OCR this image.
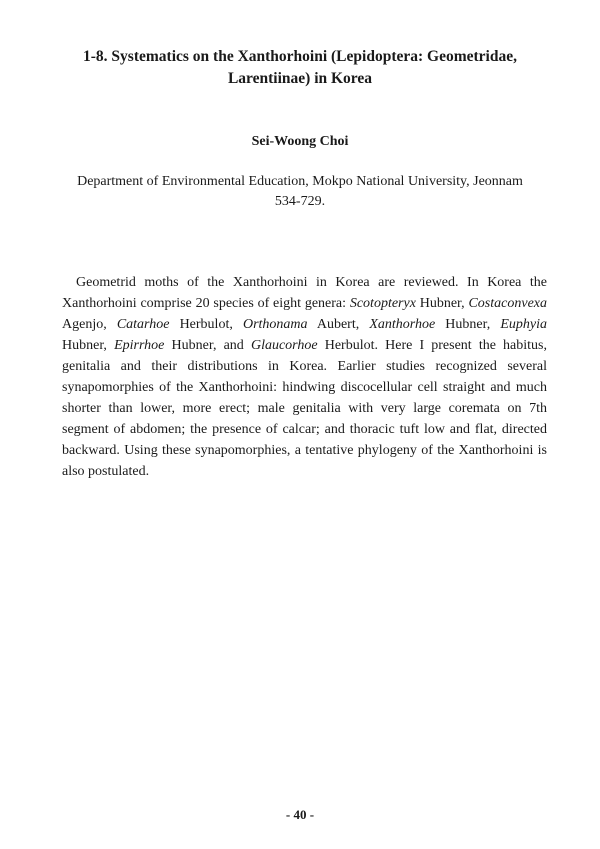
1-8. Systematics on the Xanthorhoini (Lepidoptera: Geometridae,
Larentiinae) in Korea
Sei-Woong Choi
Department of Environmental Education, Mokpo National University, Jeonnam
534-729.

Geometrid moths of the Xanthorhoini in Korea are reviewed. In Korea the Xanthorhoini comprise 20 species of eight genera: Scotopteryx Hubner, Costaconvexa Agenjo, Catarhoe Herbulot, Orthonama Aubert, Xanthorhoe Hubner, Euphyia Hubner, Epirrhoe Hubner, and Glaucorhoe Herbulot. Here I present the habitus, genitalia and their distributions in Korea. Earlier studies recognized several synapomorphies of the Xanthorhoini: hindwing discocellular cell straight and much shorter than lower, more erect; male genitalia with very large coremata on 7th segment of abdomen; the presence of calcar; and thoracic tuft low and flat, directed backward. Using these synapomorphies, a tentative phylogeny of the Xanthorhoini is also postulated.

- 40 -
